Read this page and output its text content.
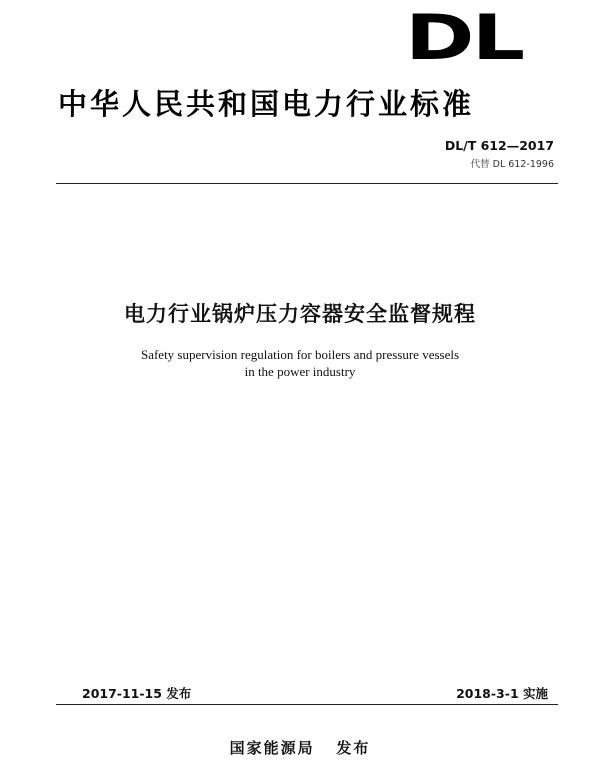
DL
中华人民共和国电力行业标准
DL/T 612—2017
代替 DL 612-1996
电力行业锅炉压力容器安全监督规程
Safety supervision regulation for boilers and pressure vessels
in the power industry
2017-11-15 发布	2018-3-1 实施
国家能源局   发布
